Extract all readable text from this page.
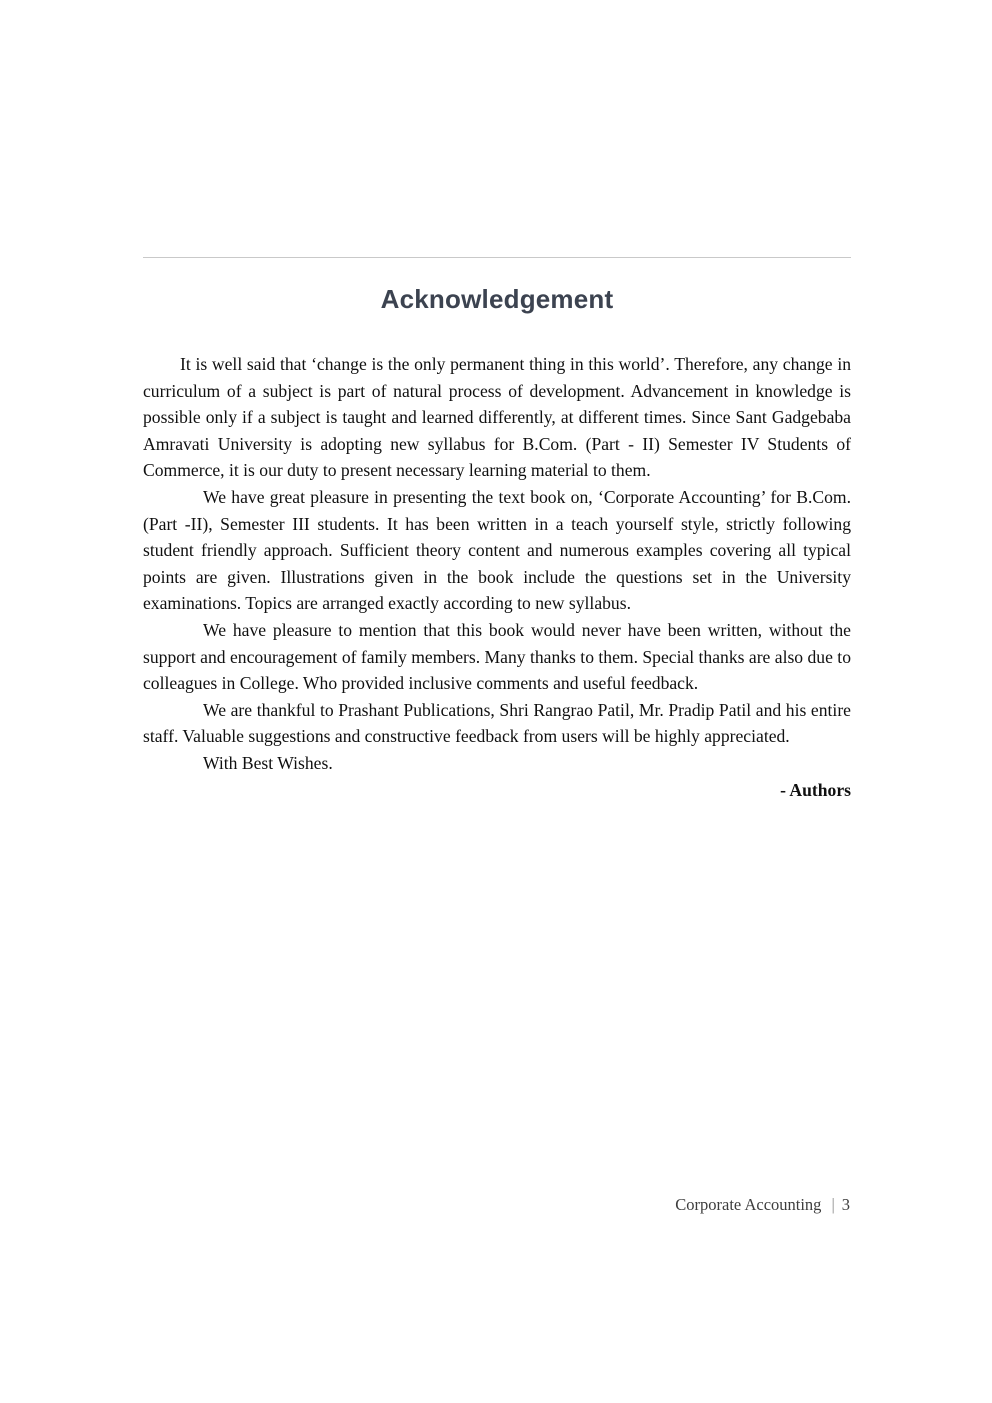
Acknowledgement

It is well said that ‘change is the only permanent thing in this world’. Therefore, any change in curriculum of a subject is part of natural process of development. Advancement in knowledge is possible only if a subject is taught and learned differently, at different times. Since Sant Gadgebaba Amravati University is adopting new syllabus for B.Com. (Part - II) Semester IV Students of Commerce, it is our duty to present necessary learning material to them.

We have great pleasure in presenting the text book on, ‘Corporate Accounting’ for B.Com. (Part -II), Semester III students. It has been written in a teach yourself style, strictly following student friendly approach. Sufficient theory content and numerous examples covering all typical points are given. Illustrations given in the book include the questions set in the University examinations. Topics are arranged exactly according to new syllabus.

We have pleasure to mention that this book would never have been written, without the support and encouragement of family members. Many thanks to them. Special thanks are also due to colleagues in College. Who provided inclusive comments and useful feedback.

We are thankful to Prashant Publications, Shri Rangrao Patil, Mr. Pradip Patil and his entire staff. Valuable suggestions and constructive feedback from users will be highly appreciated.

With Best Wishes.

- Authors

Corporate Accounting | 3
